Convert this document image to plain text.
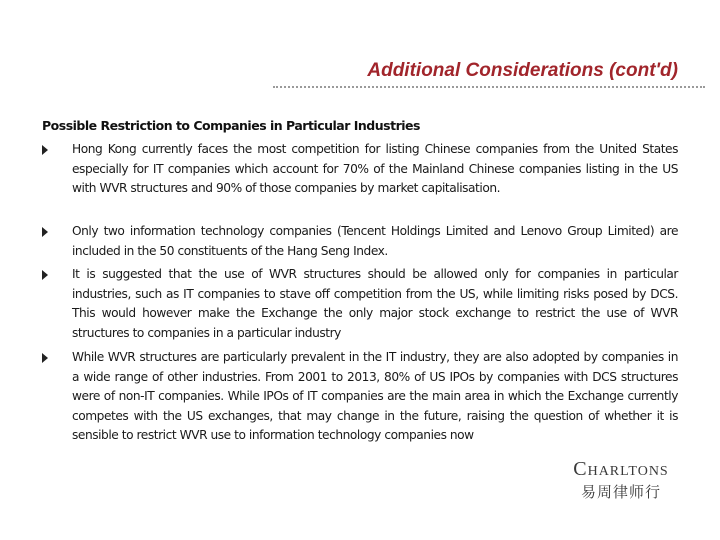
Additional Considerations (cont'd)
Possible Restriction to Companies in Particular Industries
Hong Kong currently faces the most competition for listing Chinese companies from the United States especially for IT companies which account for 70% of the Mainland Chinese companies listing in the US with WVR structures and 90% of those companies by market capitalisation.
Only two information technology companies (Tencent Holdings Limited and Lenovo Group Limited) are included in the 50 constituents of the Hang Seng Index.
It is suggested that the use of WVR structures should be allowed only for companies in particular industries, such as IT companies to stave off competition from the US, while limiting risks posed by DCS. This would however make the Exchange the only major stock exchange to restrict the use of WVR structures to companies in a particular industry
While WVR structures are particularly prevalent in the IT industry, they are also adopted by companies in a wide range of other industries. From 2001 to 2013, 80% of US IPOs by companies with DCS structures were of non-IT companies. While IPOs of IT companies are the main area in which the Exchange currently competes with the US exchanges, that may change in the future, raising the question of whether it is sensible to restrict WVR use to information technology companies now
Charltons
易周律师行
